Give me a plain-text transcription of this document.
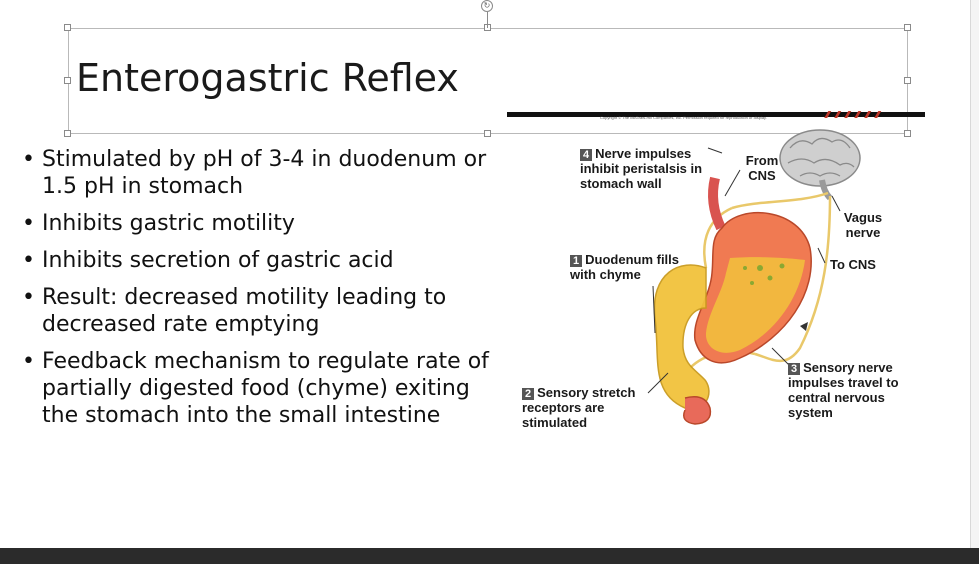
↻
Enterogastric Reflex
• Stimulated by pH of 3-4 in duodenum or 1.5 pH in stomach
• Inhibits gastric motility
• Inhibits secretion of gastric acid
• Result: decreased motility leading to decreased rate emptying
• Feedback mechanism to regulate rate of partially digested food (chyme) exiting the stomach into the small intestine
Copyright © The McGraw-Hill Companies, Inc. Permission required for reproduction or display.
4 Nerve impulses inhibit peristalsis in stomach wall
From CNS
Vagus nerve
To CNS
1 Duodenum fills with chyme
3 Sensory nerve impulses travel to central nervous system
2 Sensory stretch receptors are stimulated
